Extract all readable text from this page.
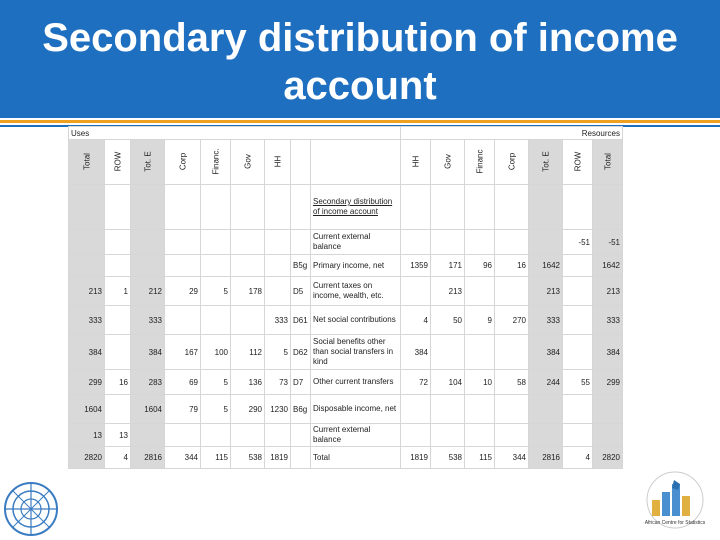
Secondary distribution of income account
Uses									Resources						

Total	ROW	Tot. E	Corp	Financ.	Gov	HH			HH	Gov	Financ	Corp	Tot. E	ROW	Total

								Secondary distribution of income account							
								Current external balance						-51	-51
							B5g	Primary income, net	1359	171	96	16	1642		1642
213	1	212	29	5	178		D5	Current taxes on income, wealth, etc.		213			213		213
333		333				333	D61	Net social contributions	4	50	9	270	333		333
384		384	167	100	112	5	D62	Social benefits other than social transfers in kind	384				384		384
299	16	283	69	5	136	73	D7	Other current transfers	72	104	10	58	244	55	299
1604		1604	79	5	290	1230	B6g	Disposable income, net							
13	13							Current external balance							
2820	4	2816	344	115	538	1819		Total	1819	538	115	344	2816	4	2820
African Centre for Statistics
